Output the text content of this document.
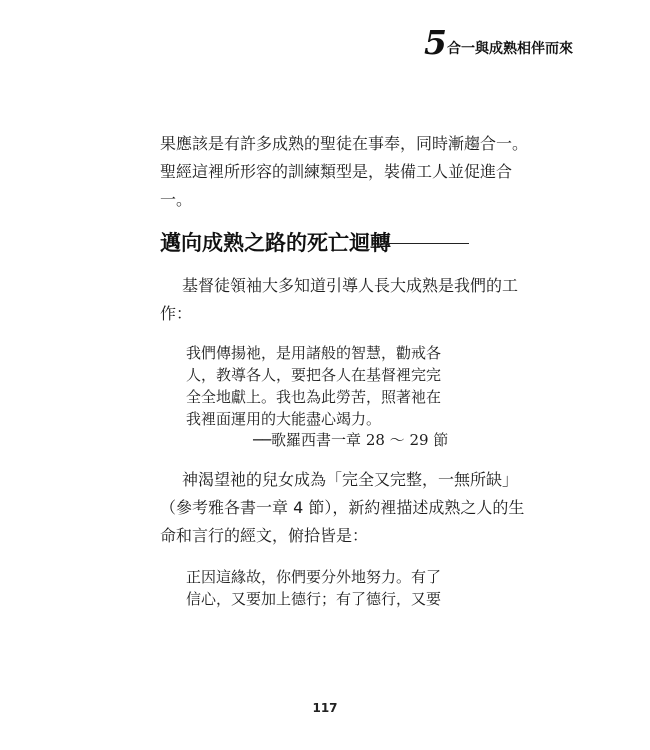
5 合一與成熟相伴而來
果應該是有許多成熟的聖徒在事奉，同時漸趨合一。
聖經這裡所形容的訓練類型是，裝備工人並促進合
一。
邁向成熟之路的死亡迴轉
基督徒領袖大多知道引導人長大成熟是我們的工
作：
我們傳揚祂，是用諸般的智慧，勸戒各
人，教導各人，要把各人在基督裡完完
全全地獻上。我也為此勞苦，照著祂在
我裡面運用的大能盡心竭力。
──歌羅西書一章 28 ～ 29 節
神渴望祂的兒女成為「完全又完整，一無所缺」
（參考雅各書一章 4 節），新約裡描述成熟之人的生
命和言行的經文，俯拾皆是：
正因這緣故，你們要分外地努力。有了
信心，又要加上德行；有了德行，又要
117
